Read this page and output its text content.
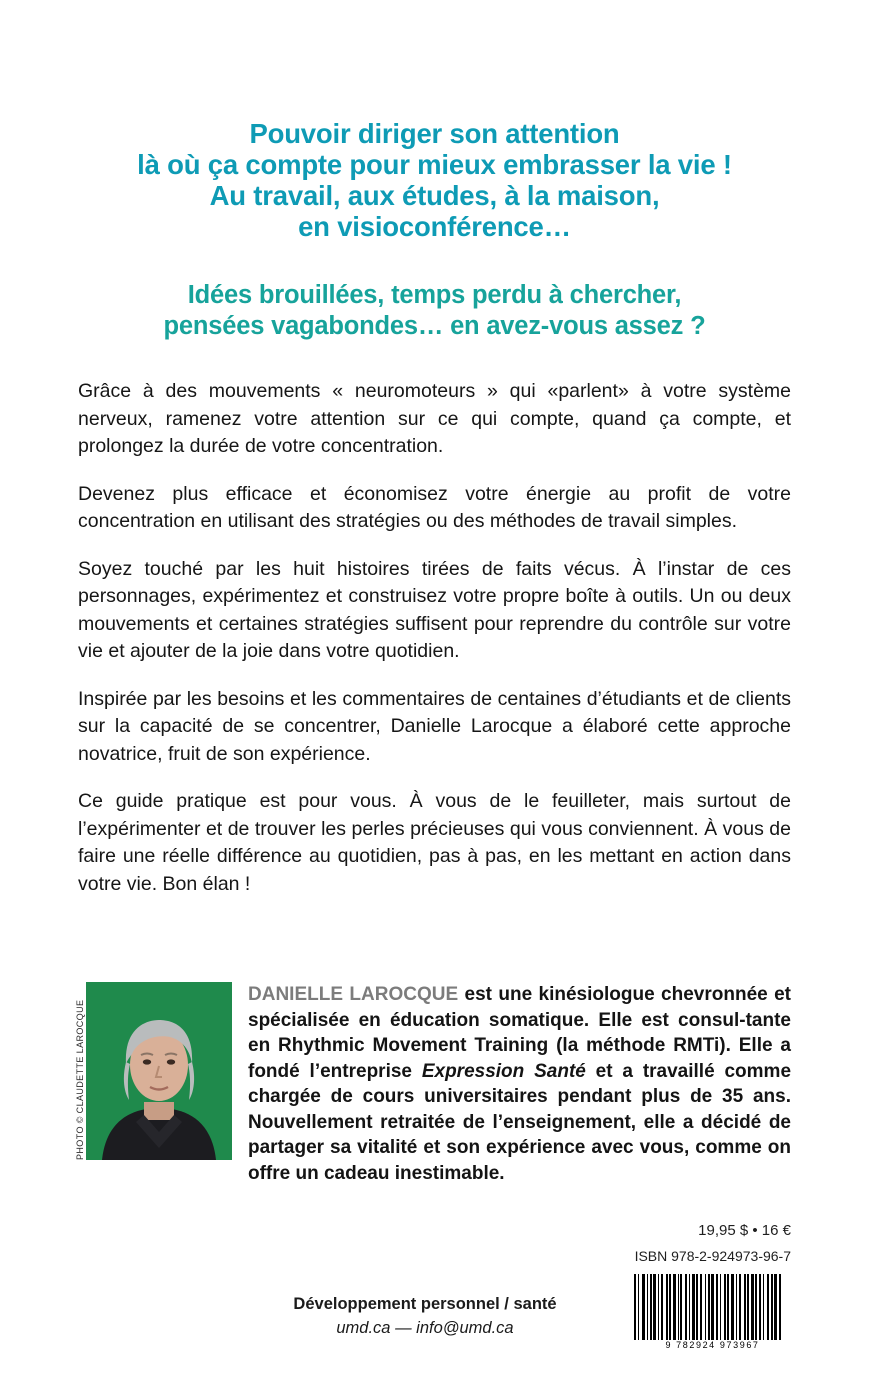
Pouvoir diriger son attention
là où ça compte pour mieux embrasser la vie !
Au travail, aux études, à la maison,
en visioconférence…
Idées brouillées, temps perdu à chercher,
pensées vagabondes… en avez-vous assez ?

Grâce à des mouvements « neuromoteurs » qui «parlent» à votre système nerveux, ramenez votre attention sur ce qui compte, quand ça compte, et prolongez la durée de votre concentration.

Devenez plus efficace et économisez votre énergie au profit de votre concentration en utilisant des stratégies ou des méthodes de travail simples.

Soyez touché par les huit histoires tirées de faits vécus. À l’instar de ces personnages, expérimentez et construisez votre propre boîte à outils. Un ou deux mouvements et certaines stratégies suffisent pour reprendre du contrôle sur votre vie et ajouter de la joie dans votre quotidien.

Inspirée par les besoins et les commentaires de centaines d’étudiants et de clients sur la capacité de se concentrer, Danielle Larocque a élaboré cette approche novatrice, fruit de son expérience.

Ce guide pratique est pour vous. À vous de le feuilleter, mais surtout de l’expérimenter et de trouver les perles précieuses qui vous conviennent. À vous de faire une réelle différence au quotidien, pas à pas, en les mettant en action dans votre vie. Bon élan !

PHOTO © CLAUDETTE LAROCQUE
DANIELLE LAROCQUE est une kinésiologue chevronnée et spécialisée en éducation somatique. Elle est consul-tante en Rhythmic Movement Training (la méthode RMTi). Elle a fondé l’entreprise Expression Santé et a travaillé comme chargée de cours universitaires pendant plus de 35 ans. Nouvellement retraitée de l’enseignement, elle a décidé de partager sa vitalité et son expérience avec vous, comme on offre un cadeau inestimable.
19,95 $ • 16 €
ISBN 978-2-924973-96-7
9 782924 973967
Développement personnel / santé
umd.ca — info@umd.ca
